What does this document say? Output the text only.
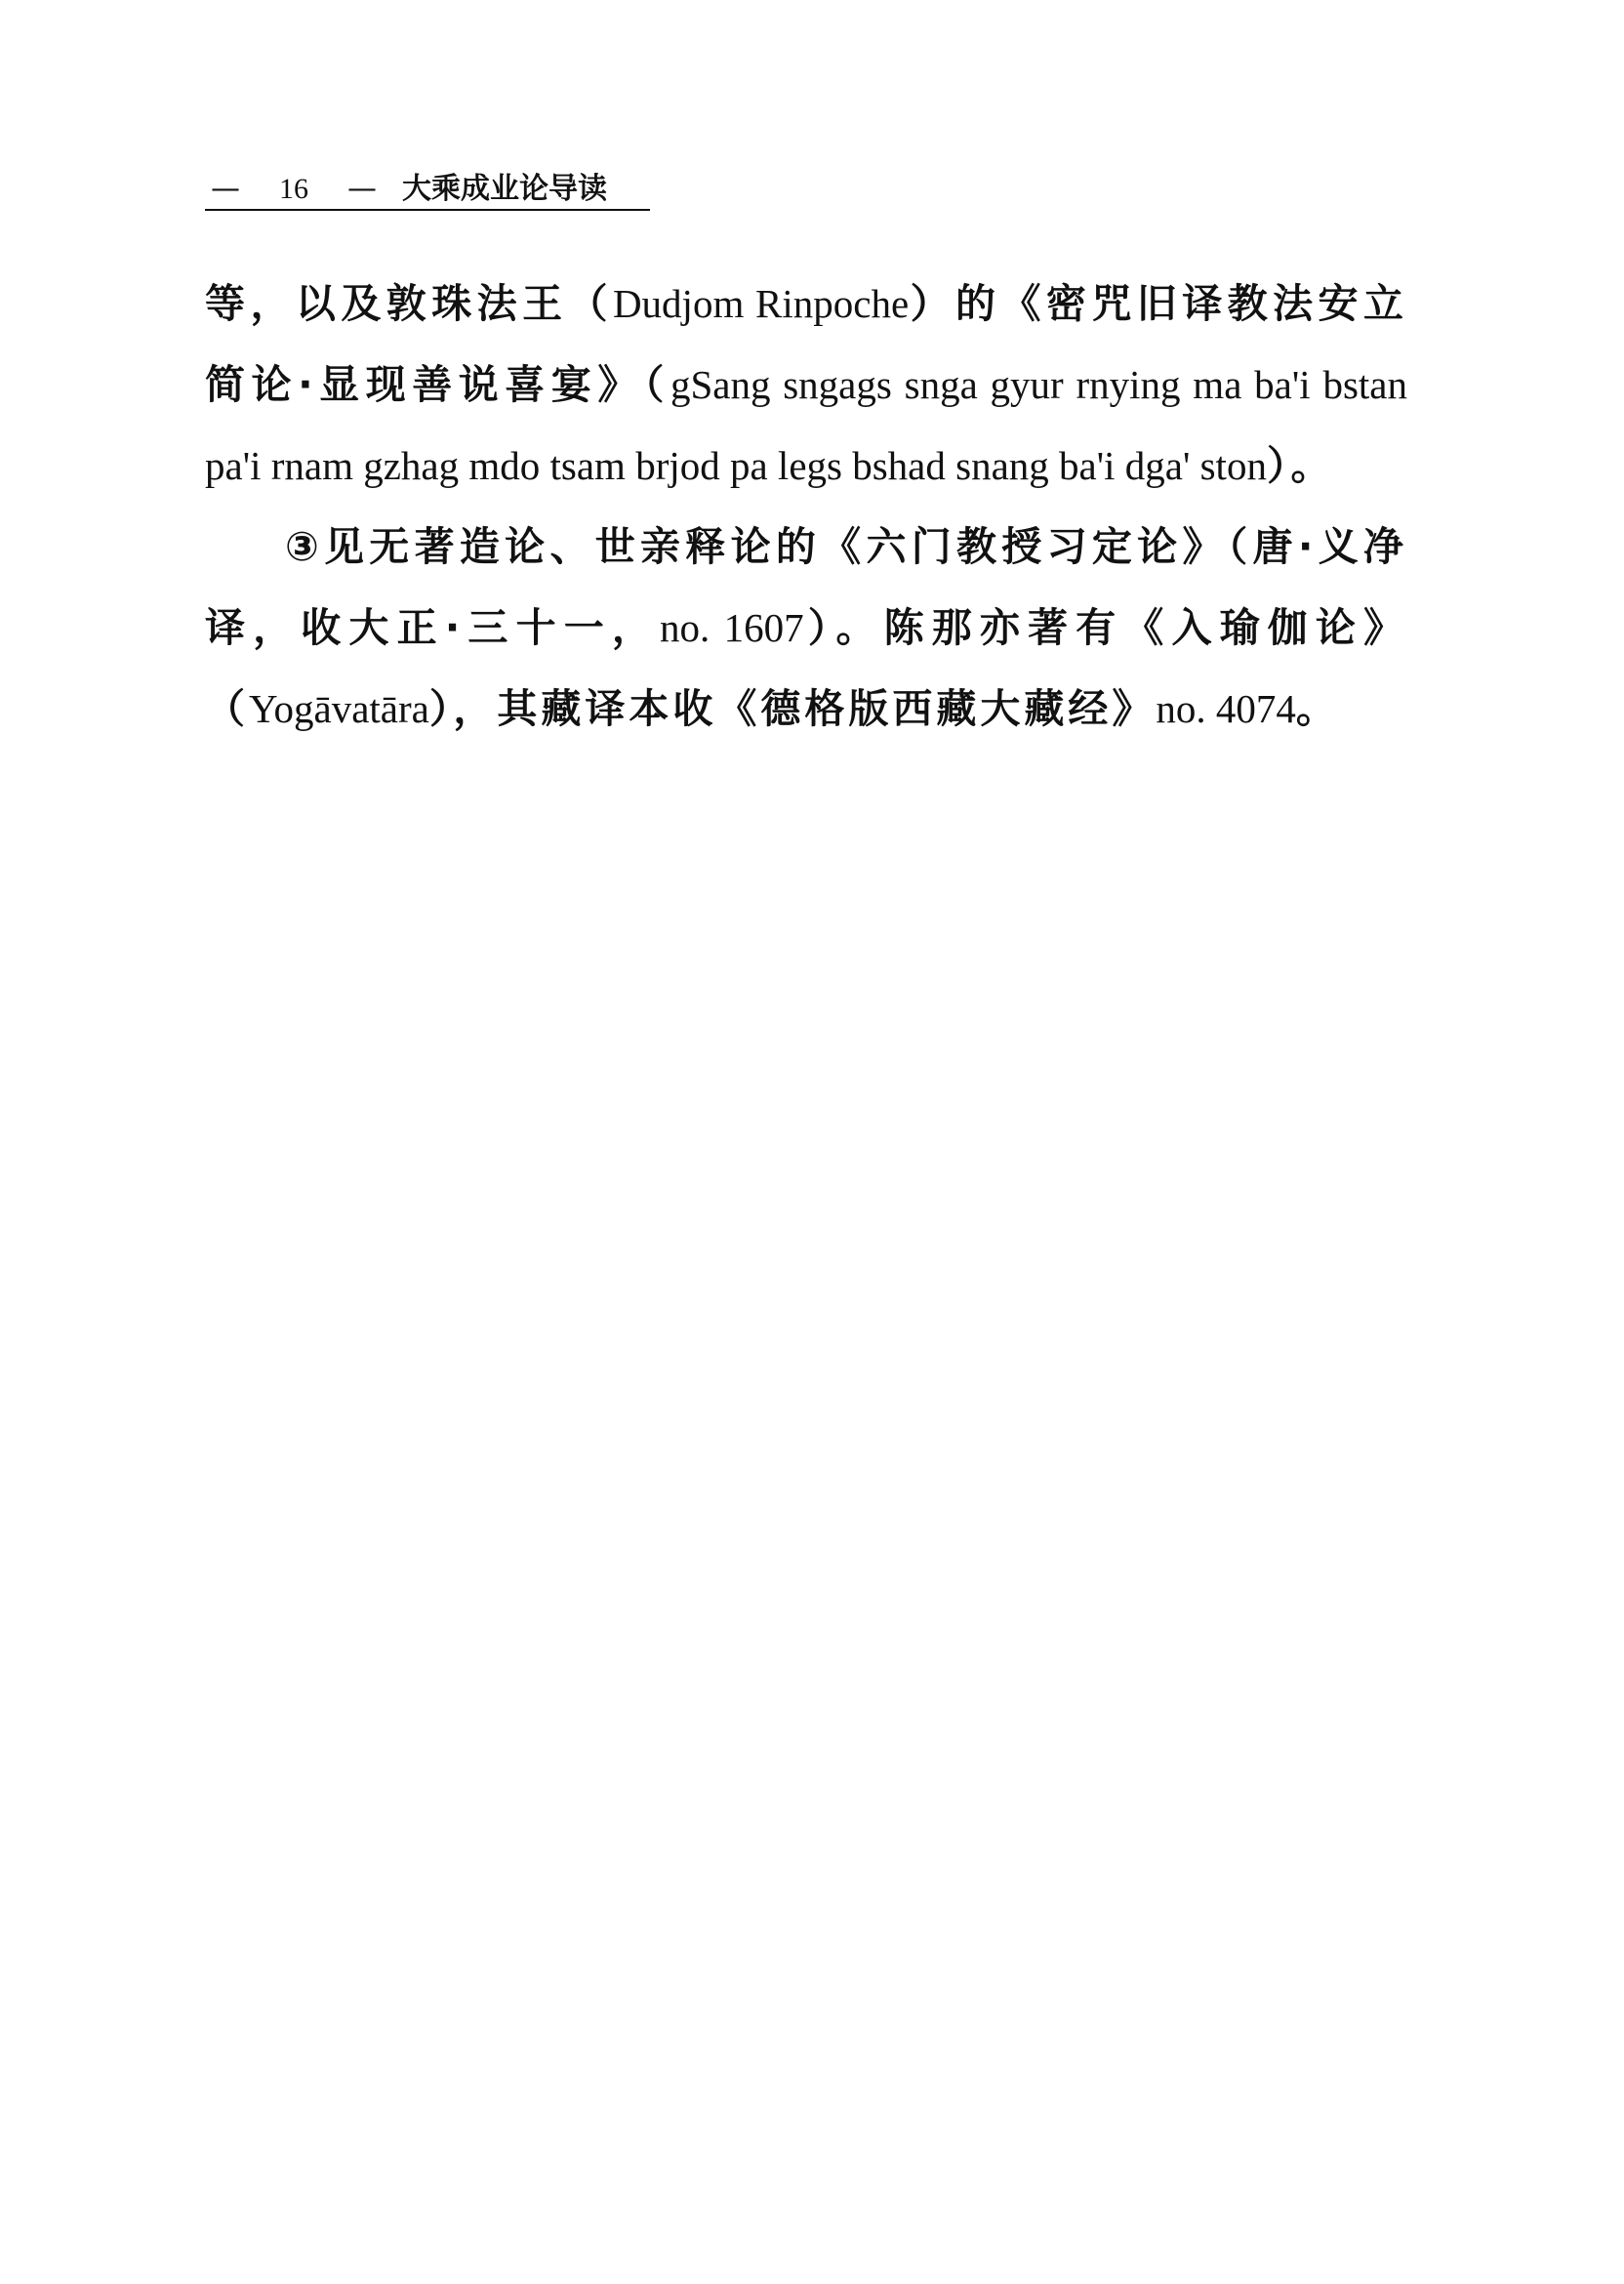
—	16	— 大乘成业论导读

等，以及敦珠法王（Dudjom Rinpoche）的《密咒旧译教法安立简论·显现善说喜宴》（gSang sngags snga gyur rnying ma ba'i bstan pa'i rnam gzhag mdo tsam brjod pa legs bshad snang ba'i dga' ston）。

③见无著造论、世亲释论的《六门教授习定论》（唐·义净译，收大正·三十一，no. 1607）。陈那亦著有《入瑜伽论》（Yogāvatāra），其藏译本收《德格版西藏大藏经》no. 4074。
